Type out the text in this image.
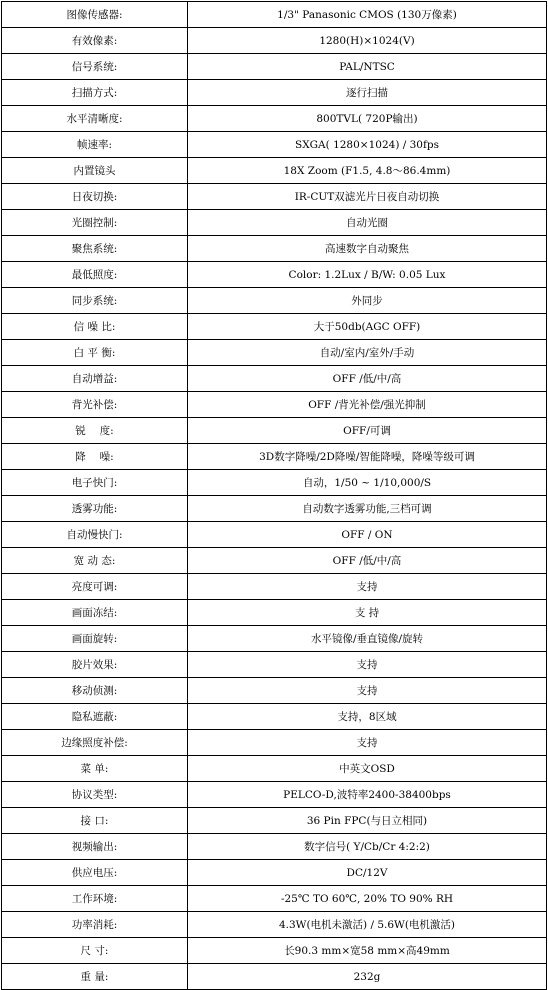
图像传感器:	1/3" Panasonic CMOS (130万像素)
有效像素:	1280(H)×1024(V)
信号系统:	PAL/NTSC
扫描方式:	逐行扫描
水平清晰度:	800TVL( 720P输出)
帧速率:	SXGA( 1280×1024) / 30fps
内置镜头	18X Zoom (F1.5, 4.8～86.4mm)
日夜切换:	IR-CUT双滤光片日夜自动切换
光圈控制:	自动光圈
聚焦系统:	高速数字自动聚焦
最低照度:	Color: 1.2Lux / B/W: 0.05 Lux
同步系统:	外同步
信 噪 比:	大于50db(AGC OFF)
白 平 衡:	自动/室内/室外/手动
自动增益:	OFF /低/中/高
背光补偿:	OFF /背光补偿/强光抑制
锐　 度:	OFF/可调
降　 噪:	3D数字降噪/2D降噪/智能降噪，降噪等级可调
电子快门:	自动，1/50 ~ 1/10,000/S
透雾功能:	自动数字透雾功能,三档可调
自动慢快门:	OFF / ON
宽 动 态:	OFF /低/中/高
亮度可调:	支持
画面冻结:	支 持
画面旋转:	水平镜像/垂直镜像/旋转
胶片效果:	支持
移动侦测:	支持
隐私遮蔽:	支持，8区域
边缘照度补偿:	支持
菜 单:	中英文OSD
协议类型:	PELCO-D,波特率2400-38400bps
接 口:	36 Pin FPC(与日立相同)
视频输出:	数字信号( Y/Cb/Cr 4:2:2)
供应电压:	DC/12V
工作环境:	-25℃ TO 60℃, 20% TO 90% RH
功率消耗:	4.3W(电机未激活) / 5.6W(电机激活)
尺 寸:	长90.3 mm×宽58 mm×高49mm
重 量:	232g
